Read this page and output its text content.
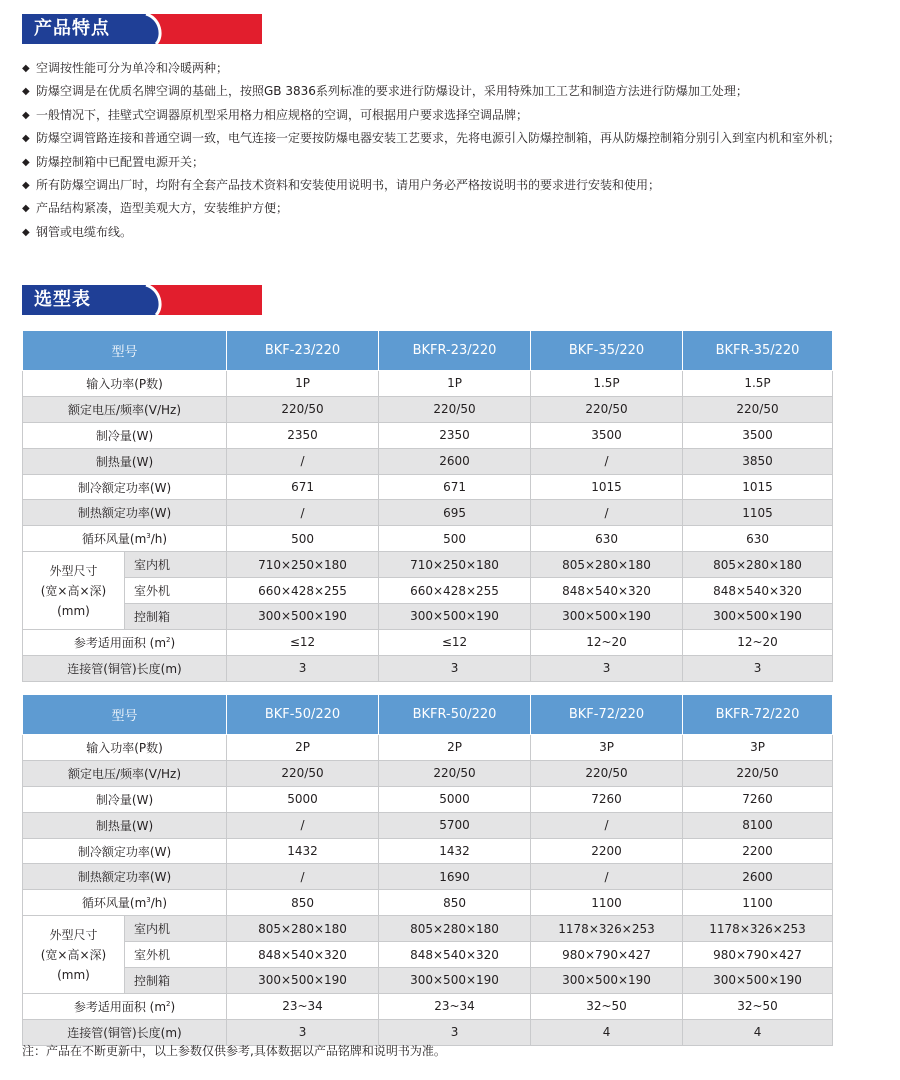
产品特点
◆ 空调按性能可分为单冷和冷暖两种；
◆ 防爆空调是在优质名牌空调的基础上，按照GB 3836系列标准的要求进行防爆设计，采用特殊加工工艺和制造方法进行防爆加工处理；
◆ 一般情况下，挂壁式空调器原机型采用格力相应规格的空调，可根据用户要求选择空调品牌；
◆ 防爆空调管路连接和普通空调一致，电气连接一定要按防爆电器安装工艺要求，先将电源引入防爆控制箱，再从防爆控制箱分别引入到室内机和室外机；
◆ 防爆控制箱中已配置电源开关；
◆ 所有防爆空调出厂时，均附有全套产品技术资料和安装使用说明书，请用户务必严格按说明书的要求进行安装和使用；
◆ 产品结构紧凑，造型美观大方，安装维护方便；
◆ 钢管或电缆布线。
选型表
型号		BKF-23/220	BKFR-23/220	BKF-35/220	BKFR-35/220
输入功率(P数)		1P	1P	1.5P	1.5P
额定电压/频率(V/Hz)		220/50	220/50	220/50	220/50
制冷量(W)		2350	2350	3500	3500
制热量(W)		/	2600	/	3850
制冷额定功率(W)		671	671	1015	1015
制热额定功率(W)		/	695	/	1105
循环风量$(m^3/h)$		500	500	630	630

外型尺寸
(宽×高×深)
(mm)	室内机	710×250×180	710×250×180	805×280×180	805×280×180
	室外机	660×428×255	660×428×255	848×540×320	848×540×320
	控制箱	300×500×190	300×500×190	300×500×190	300×500×190
参考适用面积 $(m^2)$		≤12	≤12	12~20	12~20
连接管(铜管)长度(m)		3	3	3	3
型号		BKF-50/220	BKFR-50/220	BKF-72/220	BKFR-72/220
输入功率(P数)		2P	2P	3P	3P
额定电压/频率(V/Hz)		220/50	220/50	220/50	220/50
制冷量(W)		5000	5000	7260	7260
制热量(W)		/	5700	/	8100
制冷额定功率(W)		1432	1432	2200	2200
制热额定功率(W)		/	1690	/	2600
循环风量$(m^3/h)$		850	850	1100	1100

外型尺寸
(宽×高×深)
(mm)	室内机	805×280×180	805×280×180	1178×326×253	1178×326×253
	室外机	848×540×320	848×540×320	980×790×427	980×790×427
	控制箱	300×500×190	300×500×190	300×500×190	300×500×190
参考适用面积 $(m^2)$		23~34	23~34	32~50	32~50
连接管(铜管)长度(m)		3	3	4	4
注：产品在不断更新中，以上参数仅供参考,具体数据以产品铭牌和说明书为准。
